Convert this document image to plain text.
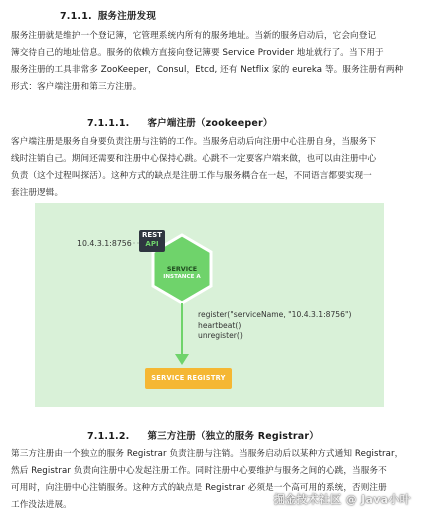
7.1.1. 服务注册发现
服务注册就是维护一个登记簿，它管理系统内所有的服务地址。当新的服务启动后，它会向登记
簿交待自己的地址信息。服务的依赖方直接向登记簿要 Service Provider 地址就行了。当下用于
服务注册的工具非常多 ZooKeeper，Consul，Etcd, 还有 Netflix 家的 eureka 等。服务注册有两种
形式：客户端注册和第三方注册。
7.1.1.1. 客户端注册（zookeeper）
客户端注册是服务自身要负责注册与注销的工作。当服务启动后向注册中心注册自身，当服务下
线时注销自己。期间还需要和注册中心保持心跳。心跳不一定要客户端来做，也可以由注册中心
负责（这个过程叫探活）。这种方式的缺点是注册工作与服务耦合在一起，不同语言都要实现一
套注册逻辑。
10.4.3.1:8756
REST
API
SERVICE
INSTANCE A
register("serviceName, "10.4.3.1:8756")
heartbeat()
unregister()
SERVICE REGISTRY
7.1.1.2. 第三方注册（独立的服务 Registrar）
第三方注册由一个独立的服务 Registrar 负责注册与注销。当服务启动后以某种方式通知 Registrar，
然后 Registrar 负责向注册中心发起注册工作。同时注册中心要维护与服务之间的心跳，当服务不
可用时，向注册中心注销服务。这种方式的缺点是 Registrar 必须是一个高可用的系统，否则注册
工作没法进展。	掘金技术社区 @ Java小叶
